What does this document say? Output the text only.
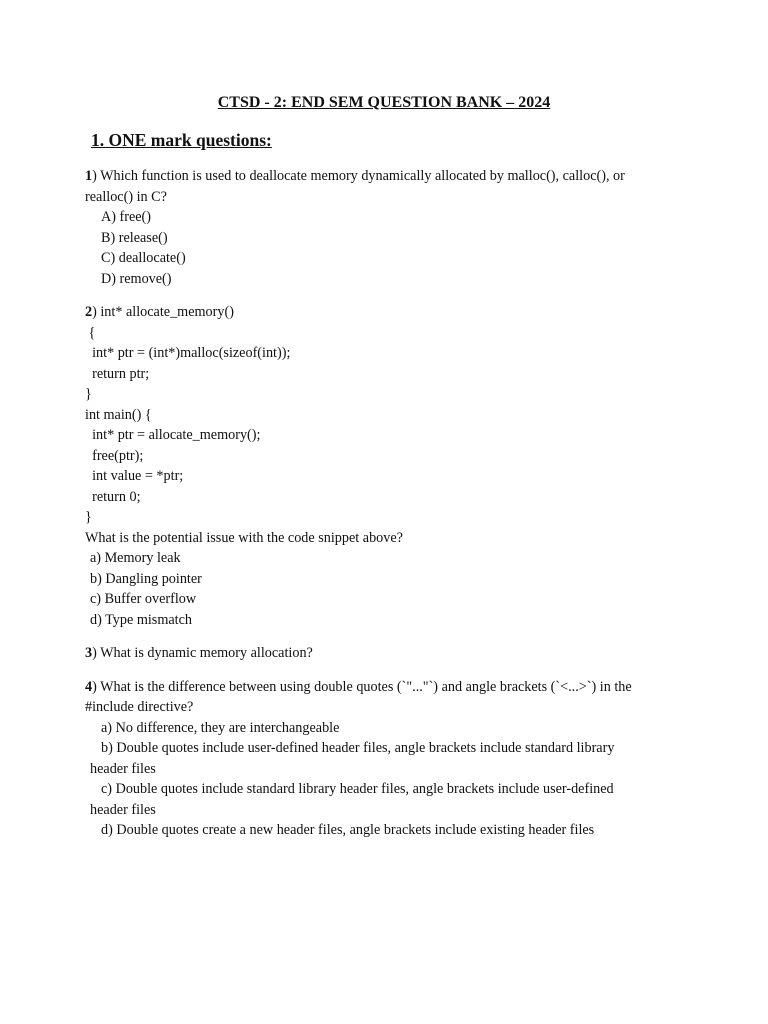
CTSD - 2: END SEM QUESTION BANK – 2024
1. ONE mark questions:
1) Which function is used to deallocate memory dynamically allocated by malloc(), calloc(), or
realloc() in C?
A) free()
B) release()
C) deallocate()
D) remove()
2) int* allocate_memory()
{
int* ptr = (int*)malloc(sizeof(int));
return ptr;
}
int main() {
int* ptr = allocate_memory();
free(ptr);
int value = *ptr;
return 0;
}
What is the potential issue with the code snippet above?
a) Memory leak
b) Dangling pointer
c) Buffer overflow
d) Type mismatch
3) What is dynamic memory allocation?
4) What is the difference between using double quotes (`"..."`) and angle brackets (`<...>`) in the
#include directive?
a) No difference, they are interchangeable
b) Double quotes include user-defined header files, angle brackets include standard library
header files
c) Double quotes include standard library header files, angle brackets include user-defined
header files
d) Double quotes create a new header files, angle brackets include existing header files
